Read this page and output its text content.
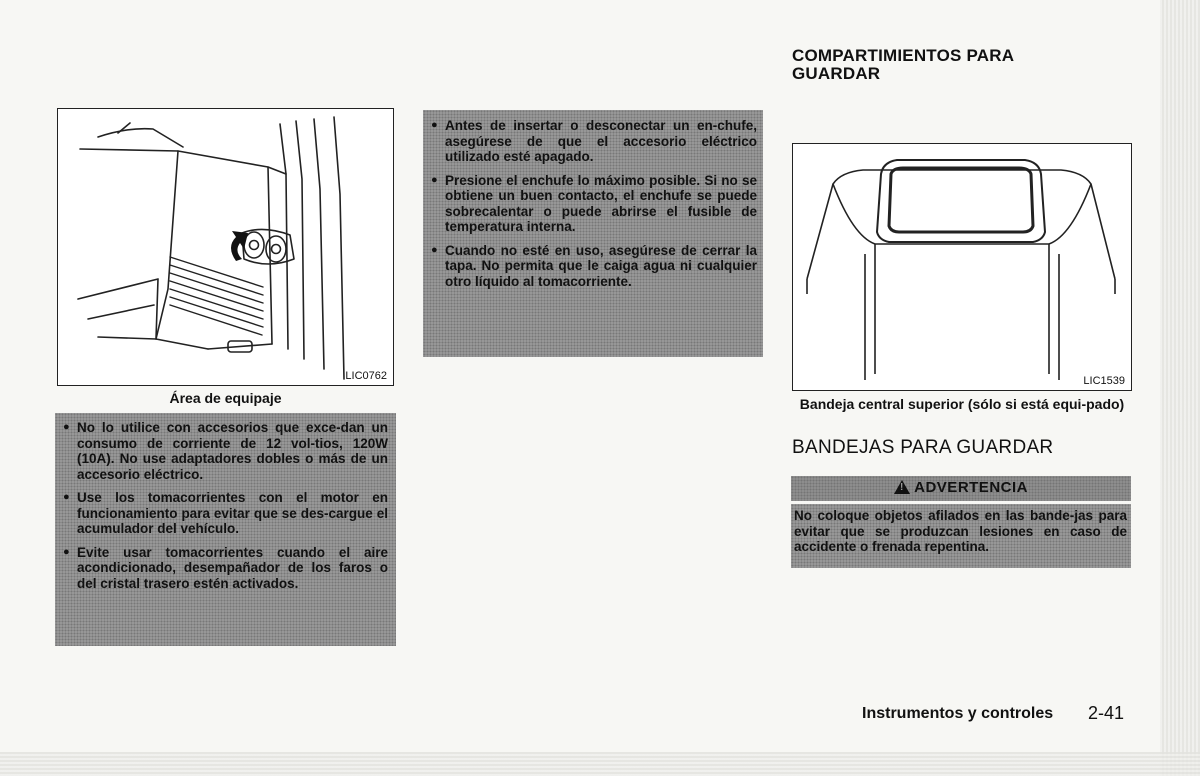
LIC0762
Área de equipaje
● No lo utilice con accesorios que exce-dan un consumo de corriente de 12 vol-tios, 120W (10A). No use adaptadores dobles o más de un accesorio eléctrico.
● Use los tomacorrientes con el motor en funcionamiento para evitar que se des-cargue el acumulador del vehículo.
● Evite usar tomacorrientes cuando el aire acondicionado, desempañador de los faros o del cristal trasero estén activados.
● Antes de insertar o desconectar un en-chufe, asegúrese de que el accesorio eléctrico utilizado esté apagado.
● Presione el enchufe lo máximo posible. Si no se obtiene un buen contacto, el enchufe se puede sobrecalentar o puede abrirse el fusible de temperatura interna.
● Cuando no esté en uso, asegúrese de cerrar la tapa. No permita que le caiga agua ni cualquier otro líquido al tomacorriente.
COMPARTIMIENTOS PARA
GUARDAR
LIC1539
Bandeja central superior (sólo si está equi-pado)
BANDEJAS PARA GUARDAR
! ADVERTENCIA
No coloque objetos afilados en las bande-jas para evitar que se produzcan lesiones en caso de accidente o frenada repentina.
Instrumentos y controles 2-41
